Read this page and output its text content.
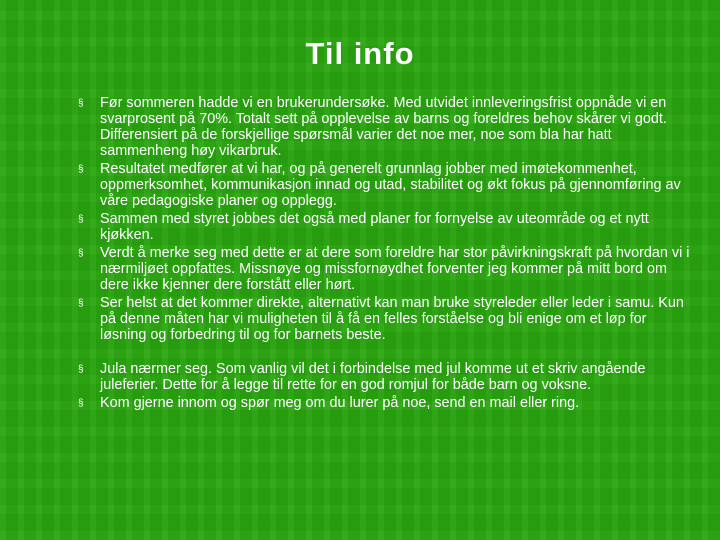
Til info
§ Før sommeren hadde vi en brukerundersøke. Med utvidet innleveringsfrist oppnåde vi en svarprosent på 70%. Totalt sett på opplevelse av barns og foreldres behov skårer vi godt. Differensiert på de forskjellige spørsmål varier det noe mer, noe som bla har hatt sammenheng høy vikarbruk.
§ Resultatet medfører at vi har, og på generelt grunnlag jobber med imøtekommenhet, oppmerksomhet, kommunikasjon innad og utad, stabilitet og økt fokus på gjennomføring av våre pedagogiske planer og opplegg.
§ Sammen med styret jobbes det også med planer for fornyelse av uteområde og et nytt kjøkken.
§ Verdt å merke seg med dette er at dere som foreldre har stor påvirkningskraft på hvordan vi i nærmiljøet oppfattes. Missnøye og missfornøydhet forventer jeg kommer på mitt bord om dere ikke kjenner dere forstått eller hørt.
§ Ser helst at det kommer direkte, alternativt kan man bruke styreleder eller leder i samu. Kun på denne måten har vi muligheten til å få en felles forståelse og bli enige om et løp for løsning og forbedring til og for barnets beste.
§ Jula nærmer seg. Som vanlig vil det i forbindelse med jul komme ut et skriv angående juleferier. Dette for å legge til rette for en god romjul for både barn og voksne.
§ Kom gjerne innom og spør meg om du lurer på noe, send en mail eller ring.
